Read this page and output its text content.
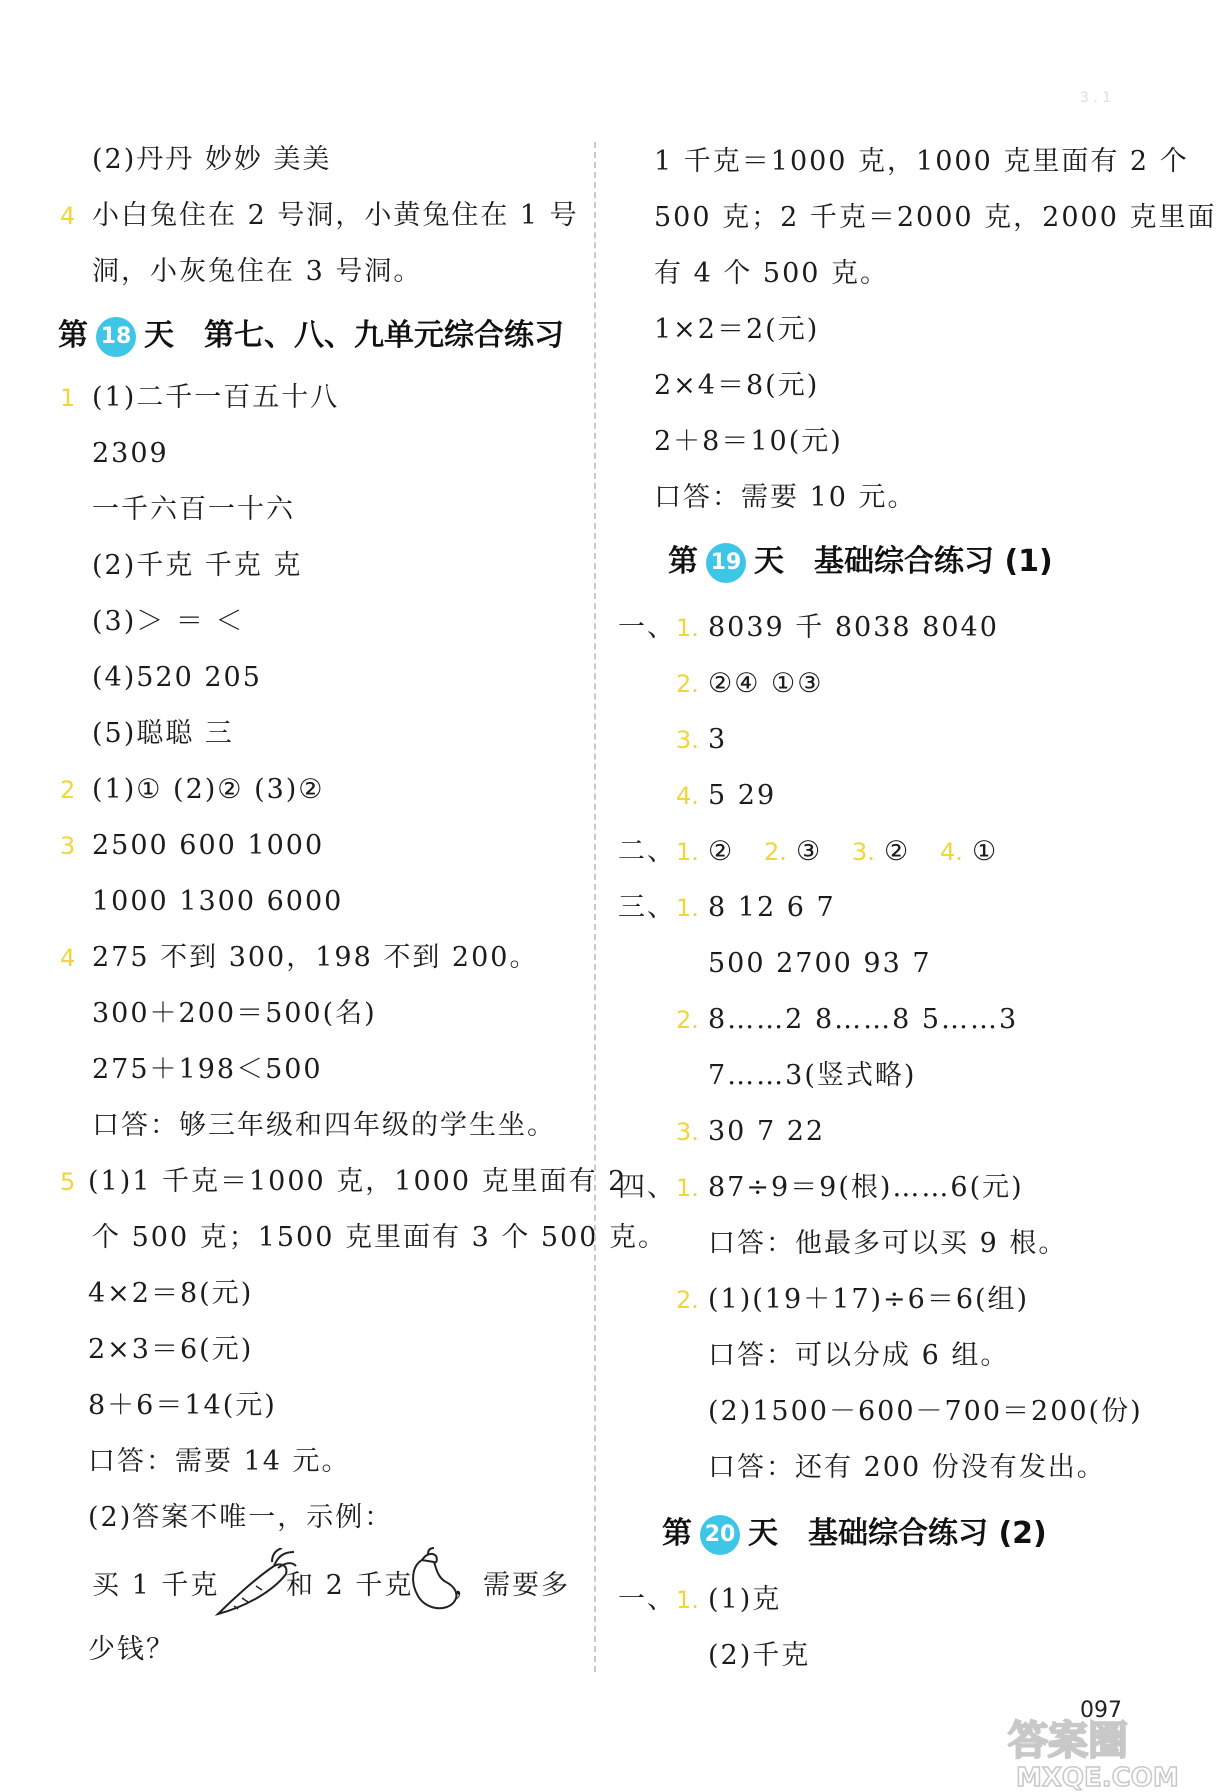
3 . 1
(2)丹丹 妙妙 美美
4 小白兔住在 2 号洞，小黄兔住在 1 号
洞，小灰兔住在 3 号洞。
第 18 天 第七、八、九单元综合练习
1 (1)二千一百五十八
2309
一千六百一十六
(2)千克 千克 克
(3)＞ ＝ ＜
(4)520 205
(5)聪聪 三
2 (1)① (2)② (3)②
3 2500 600 1000
1000 1300 6000
4 275 不到 300，198 不到 200。
300＋200＝500(名)
275＋198＜500
口答：够三年级和四年级的学生坐。
5 (1)1 千克＝1000 克，1000 克里面有 2
个 500 克；1500 克里面有 3 个 500 克。
4×2＝8(元)
2×3＝6(元)
8＋6＝14(元)
口答：需要 14 元。
(2)答案不唯一，示例：
买 1 千克 和 2 千克 ，需要多
少钱？
1 千克＝1000 克，1000 克里面有 2 个
500 克；2 千克＝2000 克，2000 克里面
有 4 个 500 克。
1×2＝2(元)
2×4＝8(元)
2＋8＝10(元)
口答：需要 10 元。
第 19 天 基础综合练习 (1)
一、 1. 8039 千 8038 8040
2. ②④ ①③
3. 3
4. 5 29
二、 1. ② 2. ③ 3. ② 4. ①
三、 1. 8 12 6 7
500 2700 93 7
2. 8……2 8……8 5……3
7……3(竖式略)
3. 30 7 22
四、 1. 87÷9＝9(根)……6(元)
口答：他最多可以买 9 根。
2. (1)(19＋17)÷6＝6(组)
口答：可以分成 6 组。
(2)1500－600－700＝200(份)
口答：还有 200 份没有发出。
第 20 天 基础综合练习 (2)
一、 1. (1)克
(2)千克
097
答案圈
MXQE.COM
